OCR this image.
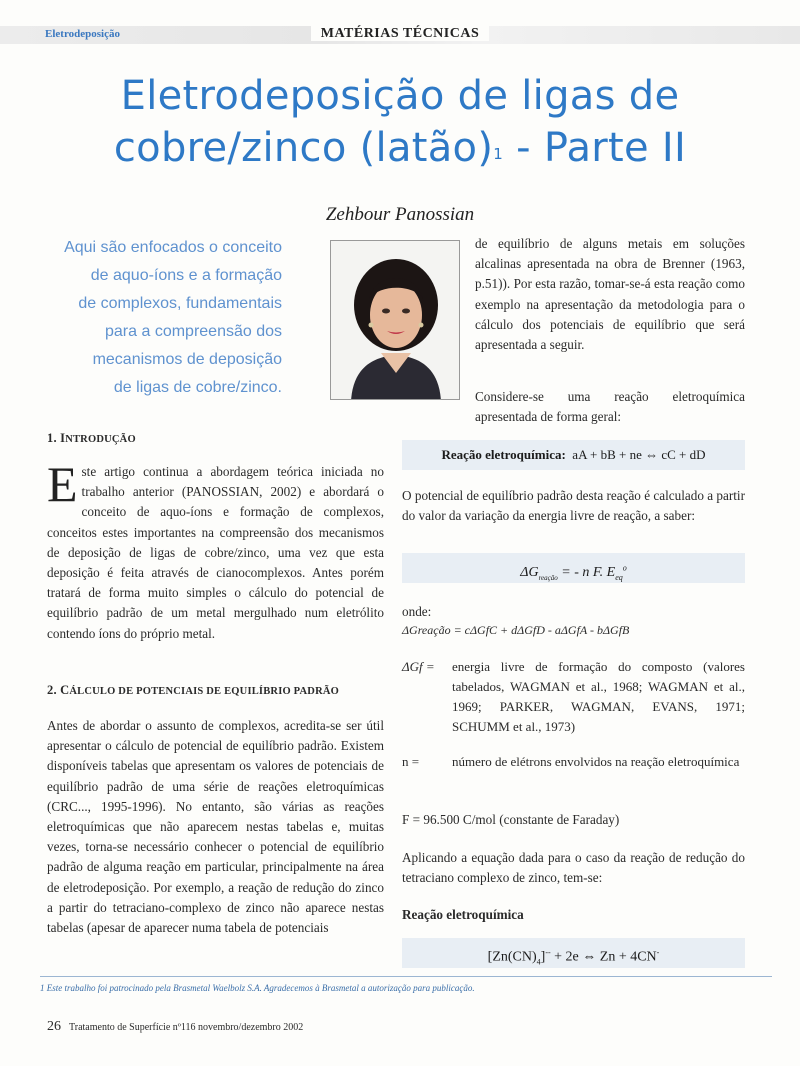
Eletrodeposição	MATÉRIAS TÉCNICAS
Eletrodeposição de ligas de
cobre/zinco (latão)$^1$ - Parte II
Zehbour Panossian
Aqui são enfocados o conceito
de aquo-íons e a formação
de complexos, fundamentais
para a compreensão dos
mecanismos de deposição
de ligas de cobre/zinco.
1. INTRODUÇÃO
Este artigo continua a abordagem teórica iniciada no trabalho anterior (PANOSSIAN, 2002) e abordará o conceito de aquo-íons e formação de complexos, conceitos estes importantes na compreensão dos mecanismos de deposição de ligas de cobre/zinco, uma vez que esta deposição é feita através de cianocomplexos. Antes porém tratará de forma muito simples o cálculo do potencial de equilíbrio padrão de um metal mergulhado num eletrólito contendo íons do próprio metal.
2. CÁLCULO DE POTENCIAIS DE EQUILÍBRIO PADRÃO
Antes de abordar o assunto de complexos, acredita-se ser útil apresentar o cálculo de potencial de equilíbrio padrão. Existem disponíveis tabelas que apresentam os valores de potenciais de equilíbrio padrão de uma série de reações eletroquímicas (CRC..., 1995-1996). No entanto, são várias as reações eletroquímicas que não aparecem nestas tabelas e, muitas vezes, torna-se necessário conhecer o potencial de equilíbrio padrão de alguma reação em particular, principalmente na área de eletrodeposição. Por exemplo, a reação de redução do zinco a partir do tetraciano-complexo de zinco não aparece nestas tabelas (apesar de aparecer numa tabela de potenciais
de equilíbrio de alguns metais em soluções alcalinas apresentada na obra de Brenner (1963, p.51)). Por esta razão, tomar-se-á esta reação como exemplo na apresentação da metodologia para o cálculo dos potenciais de equilíbrio que será apresentada a seguir.
Considere-se uma reação eletroquímica apresentada de forma geral:
Reação eletroquímica: aA + bB + ne ⇔ cC + dD
O potencial de equilíbrio padrão desta reação é calculado a partir do valor da variação da energia livre de reação, a saber:
$\Delta G_{reação}$ = - n F. $E_{eq}^o$
onde:
ΔGreação = cΔGfC + dΔGfD - aΔGfA - bΔGfB
ΔGf =	energia livre de formação do composto (valores tabelados, WAGMAN et al., 1968; WAGMAN et al., 1969; PARKER, WAGMAN, EVANS, 1971; SCHUMM et al., 1973)
n =	número de elétrons envolvidos na reação eletroquímica
F = 96.500 C/mol (constante de Faraday)
Aplicando a equação dada para o caso da reação de redução do tetraciano complexo de zinco, tem-se:
Reação eletroquímica
$[Zn(CN)_4]^{--} + 2e$ ⇔ Zn + 4CN-
1 Este trabalho foi patrocinado pela Brasmetal Waelbolz S.A. Agradecemos à Brasmetal a autorização para publicação.
26 Tratamento de Superfície nº116 novembro/dezembro 2002
